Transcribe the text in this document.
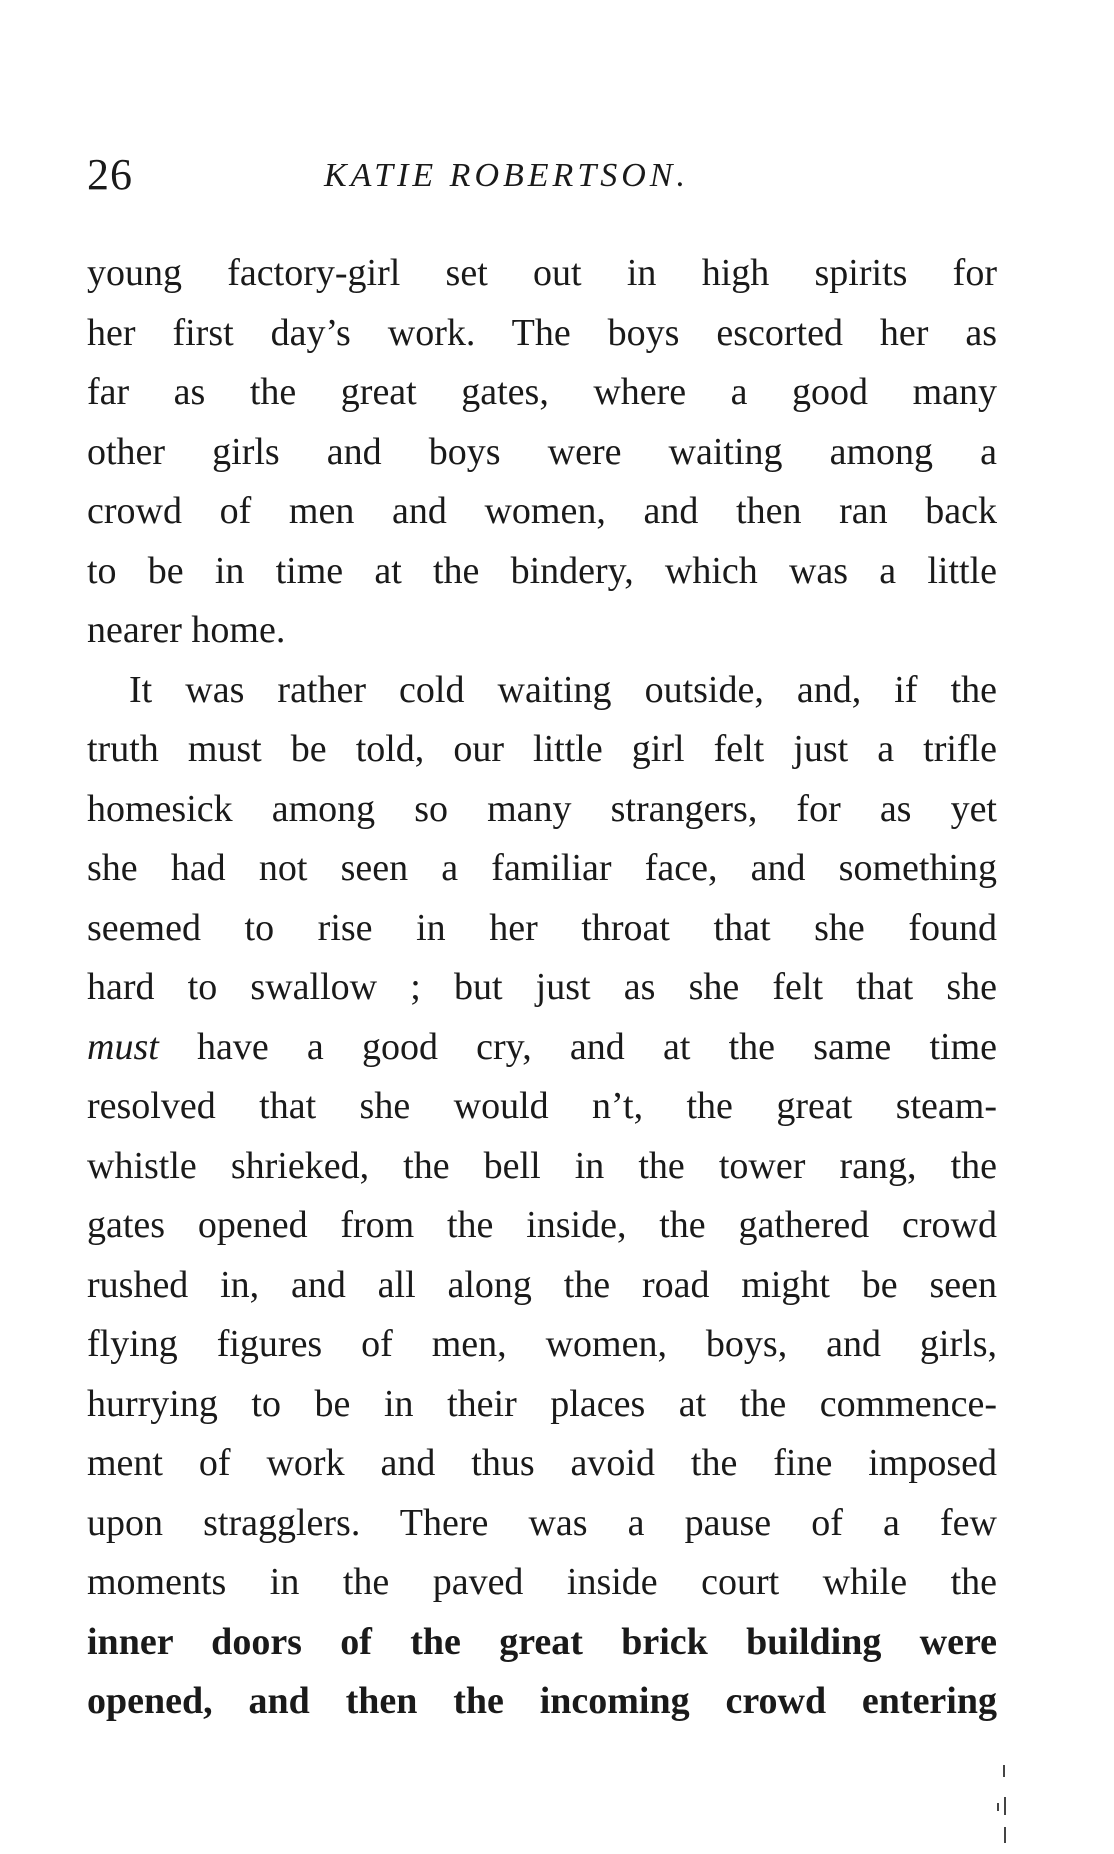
26	KATIE ROBERTSON.
young factory-girl set out in high spirits for
her first day’s work. The boys escorted her as
far as the great gates, where a good many
other girls and boys were waiting among a
crowd of men and women, and then ran back
to be in time at the bindery, which was a little
nearer home.
It was rather cold waiting outside, and, if the
truth must be told, our little girl felt just a trifle
homesick among so many strangers, for as yet
she had not seen a familiar face, and something
seemed to rise in her throat that she found
hard to swallow ; but just as she felt that she
must have a good cry, and at the same time
resolved that she would n’t, the great steam-
whistle shrieked, the bell in the tower rang, the
gates opened from the inside, the gathered crowd
rushed in, and all along the road might be seen
flying figures of men, women, boys, and girls,
hurrying to be in their places at the commence-
ment of work and thus avoid the fine imposed
upon stragglers. There was a pause of a few
moments in the paved inside court while the
inner doors of the great brick building were
opened, and then the incoming crowd entering
